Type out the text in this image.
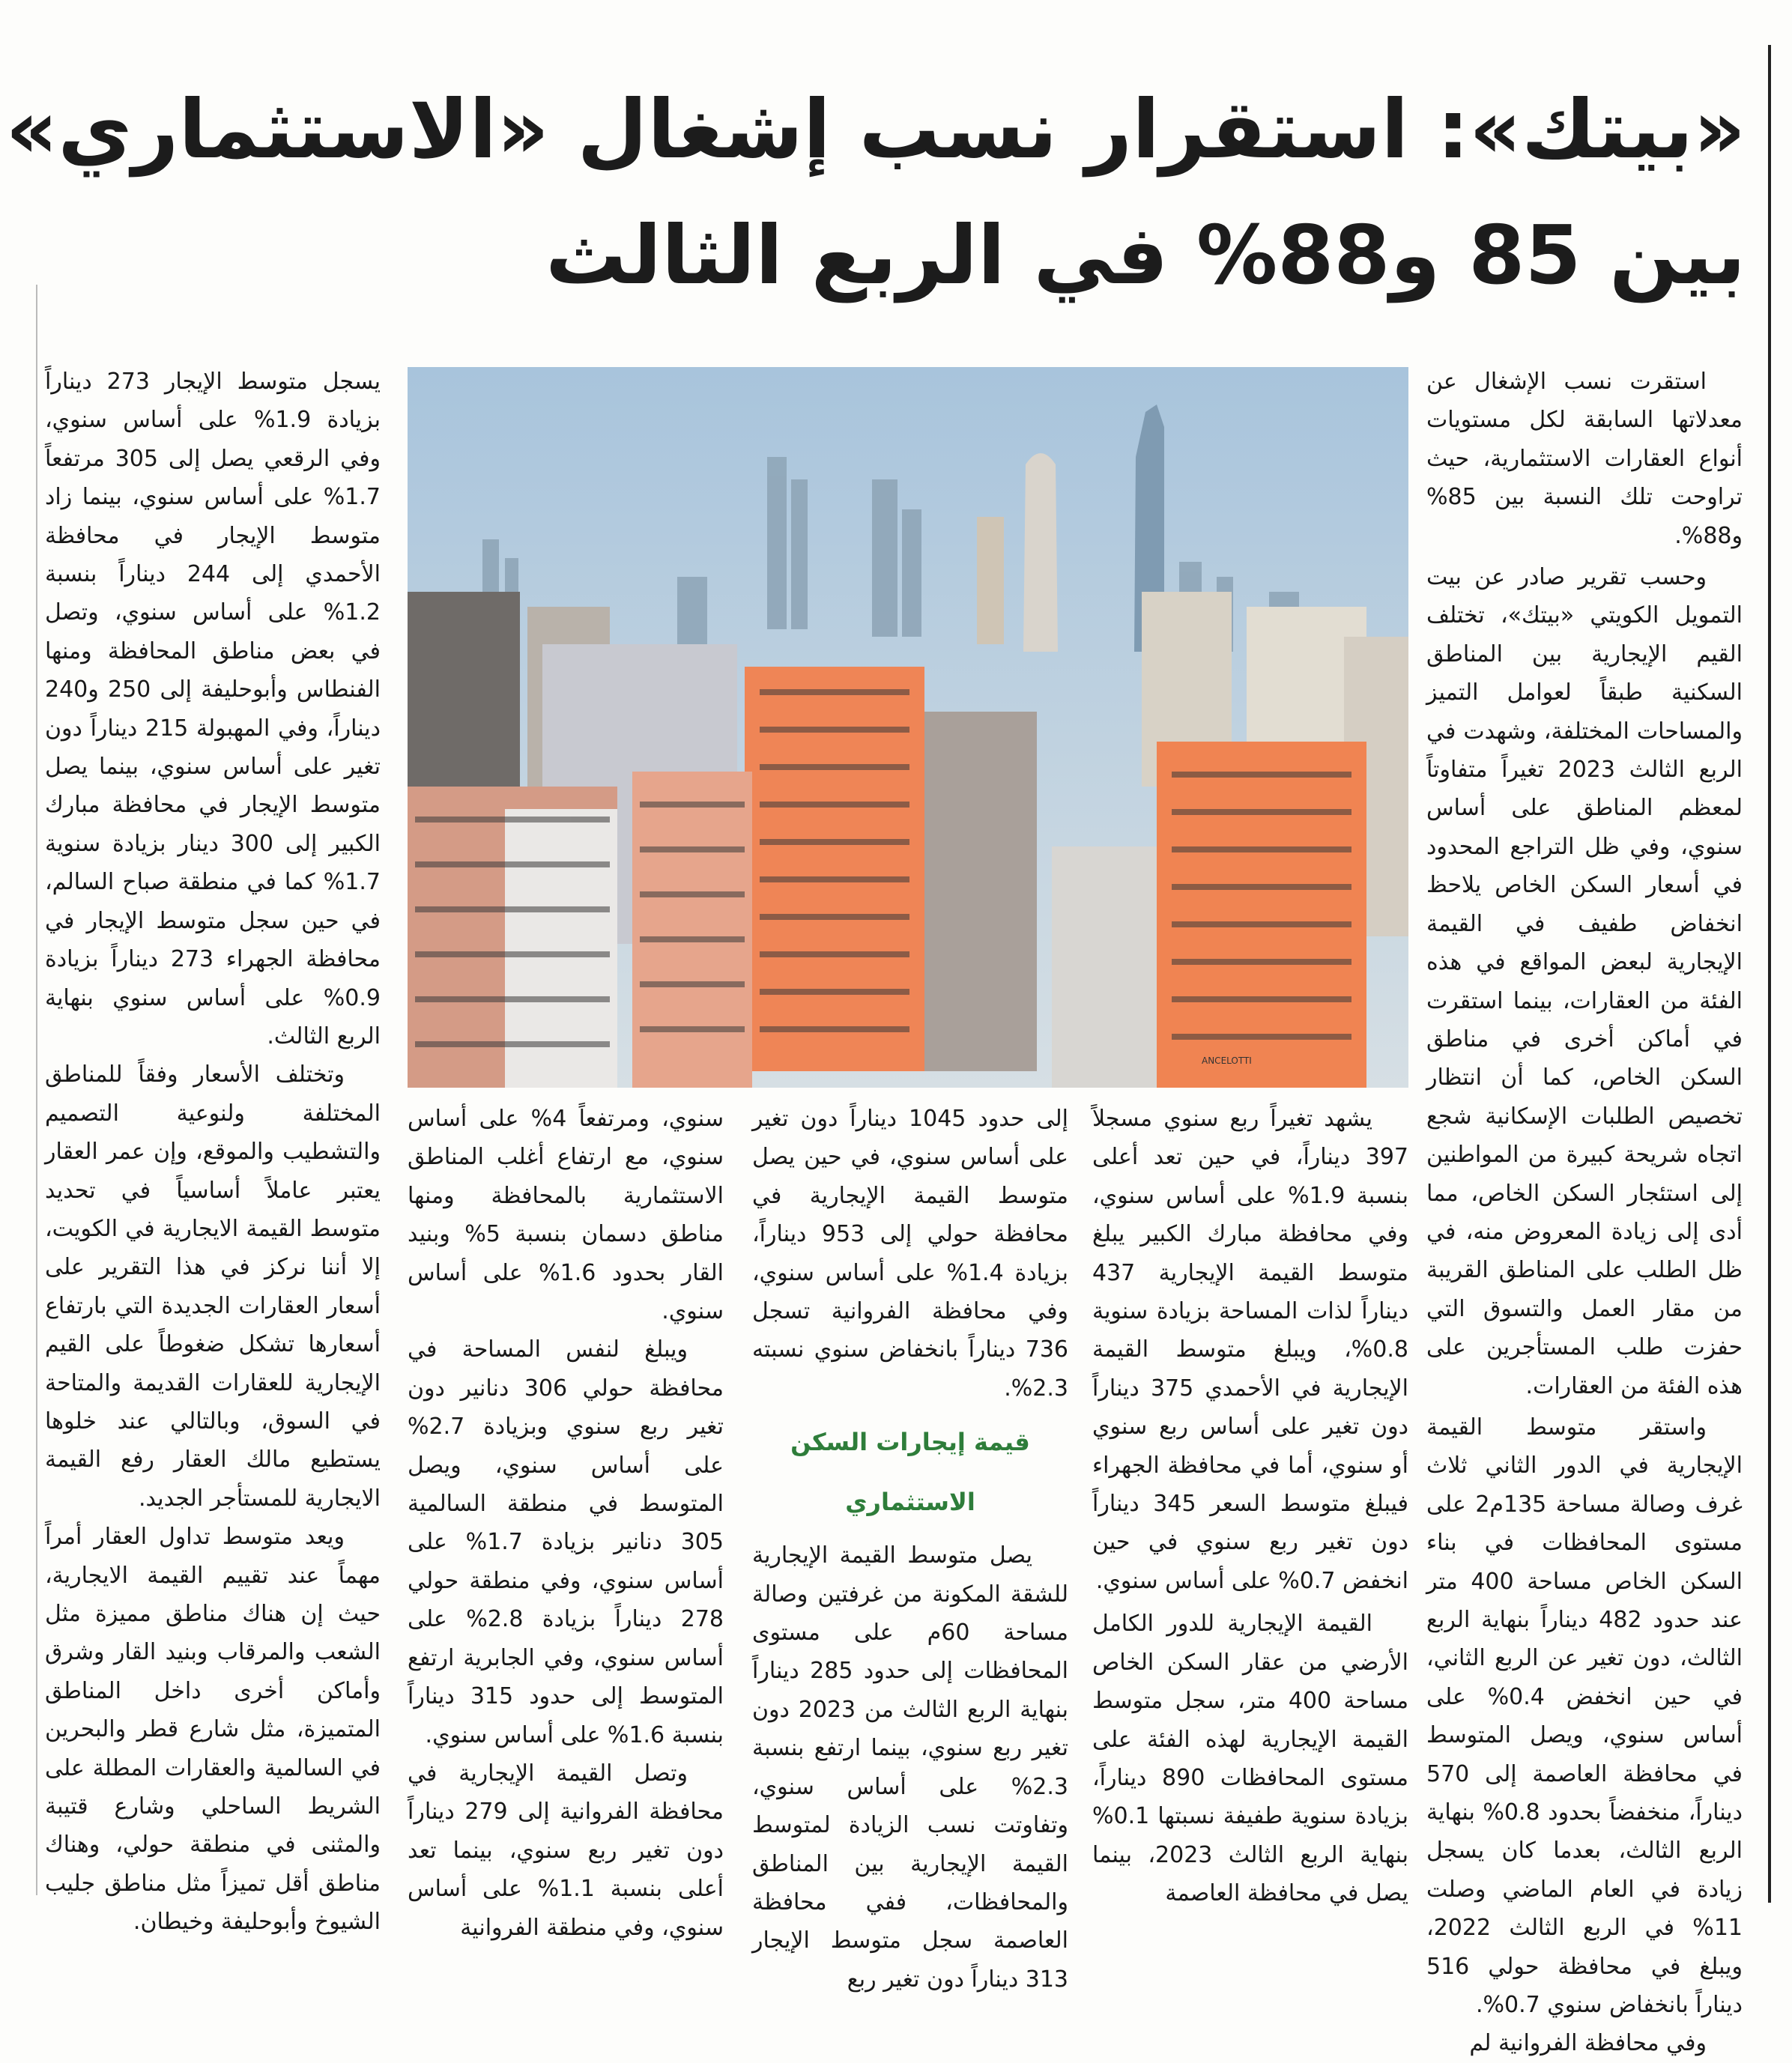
«بيتك»: استقرار نسب إشغال «الاستثماري»
بين 85 و88% في الربع الثالث

استقرت نسب الإشغال عن معدلاتها السابقة لكل مستويات أنواع العقارات الاستثمارية، حيث تراوحت تلك النسبة بين 85% و88%.

وحسب تقرير صادر عن بيت التمويل الكويتي «بيتك»، تختلف القيم الإيجارية بين المناطق السكنية طبقاً لعوامل التميز والمساحات المختلفة، وشهدت في الربع الثالث 2023 تغيراً متفاوتاً لمعظم المناطق على أساس سنوي، وفي ظل التراجع المحدود في أسعار السكن الخاص يلاحظ انخفاض طفيف في القيمة الإيجارية لبعض المواقع في هذه الفئة من العقارات، بينما استقرت في أماكن أخرى في مناطق السكن الخاص، كما أن انتظار تخصيص الطلبات الإسكانية شجع اتجاه شريحة كبيرة من المواطنين إلى استئجار السكن الخاص، مما أدى إلى زيادة المعروض منه، في ظل الطلب على المناطق القريبة من مقار العمل والتسوق التي حفزت طلب المستأجرين على هذه الفئة من العقارات.

واستقر متوسط القيمة الإيجارية في الدور الثاني ثلاث غرف وصالة مساحة 135م2 على مستوى المحافظات في بناء السكن الخاص مساحة 400 متر عند حدود 482 ديناراً بنهاية الربع الثالث، دون تغير عن الربع الثاني، في حين انخفض 0.4% على أساس سنوي، ويصل المتوسط في محافظة العاصمة إلى 570 ديناراً، منخفضاً بحدود 0.8% بنهاية الربع الثالث، بعدما كان يسجل زيادة في العام الماضي وصلت 11% في الربع الثالث 2022، ويبلغ في محافظة حولي 516 ديناراً بانخفاض سنوي 0.7%.

وفي محافظة الفروانية لم

ANCELOTTI

يشهد تغيراً ربع سنوي مسجلاً 397 ديناراً، في حين تعد أعلى بنسبة 1.9% على أساس سنوي، وفي محافظة مبارك الكبير يبلغ متوسط القيمة الإيجارية 437 ديناراً لذات المساحة بزيادة سنوية 0.8%، ويبلغ متوسط القيمة الإيجارية في الأحمدي 375 ديناراً دون تغير على أساس ربع سنوي أو سنوي، أما في محافظة الجهراء فيبلغ متوسط السعر 345 ديناراً دون تغير ربع سنوي في حين انخفض 0.7% على أساس سنوي.

القيمة الإيجارية للدور الكامل الأرضي من عقار السكن الخاص مساحة 400 متر، سجل متوسط القيمة الإيجارية لهذه الفئة على مستوى المحافظات 890 ديناراً، بزيادة سنوية طفيفة نسبتها 0.1% بنهاية الربع الثالث 2023، بينما يصل في محافظة العاصمة

إلى حدود 1045 ديناراً دون تغير على أساس سنوي، في حين يصل متوسط القيمة الإيجارية في محافظة حولي إلى 953 ديناراً، بزيادة 1.4% على أساس سنوي، وفي محافظة الفروانية تسجل 736 ديناراً بانخفاض سنوي نسبته 2.3%.

قيمة إيجارات السكن الاستثماري

يصل متوسط القيمة الإيجارية للشقة المكونة من غرفتين وصالة مساحة 60م على مستوى المحافظات إلى حدود 285 ديناراً بنهاية الربع الثالث من 2023 دون تغير ربع سنوي، بينما ارتفع بنسبة 2.3% على أساس سنوي، وتفاوتت نسب الزيادة لمتوسط القيمة الإيجارية بين المناطق والمحافظات، ففي محافظة العاصمة سجل متوسط الإيجار 313 ديناراً دون تغير ربع

سنوي، ومرتفعاً 4% على أساس سنوي، مع ارتفاع أغلب المناطق الاستثمارية بالمحافظة ومنها مناطق دسمان بنسبة 5% وبنيد القار بحدود 1.6% على أساس سنوي.

ويبلغ لنفس المساحة في محافظة حولي 306 دنانير دون تغير ربع سنوي وبزيادة 2.7% على أساس سنوي، ويصل المتوسط في منطقة السالمية 305 دنانير بزيادة 1.7% على أساس سنوي، وفي منطقة حولي 278 ديناراً بزيادة 2.8% على أساس سنوي، وفي الجابرية ارتفع المتوسط إلى حدود 315 ديناراً بنسبة 1.6% على أساس سنوي.

وتصل القيمة الإيجارية في محافظة الفروانية إلى 279 ديناراً دون تغير ربع سنوي، بينما تعد أعلى بنسبة 1.1% على أساس سنوي، وفي منطقة الفروانية

يسجل متوسط الإيجار 273 ديناراً بزيادة 1.9% على أساس سنوي، وفي الرقعي يصل إلى 305 مرتفعاً 1.7% على أساس سنوي، بينما زاد متوسط الإيجار في محافظة الأحمدي إلى 244 ديناراً بنسبة 1.2% على أساس سنوي، وتصل في بعض مناطق المحافظة ومنها الفنطاس وأبوحليفة إلى 250 و240 ديناراً، وفي المهبولة 215 ديناراً دون تغير على أساس سنوي، بينما يصل متوسط الإيجار في محافظة مبارك الكبير إلى 300 دينار بزيادة سنوية 1.7% كما في منطقة صباح السالم، في حين سجل متوسط الإيجار في محافظة الجهراء 273 ديناراً بزيادة 0.9% على أساس سنوي بنهاية الربع الثالث.

وتختلف الأسعار وفقاً للمناطق المختلفة ولنوعية التصميم والتشطيب والموقع، وإن عمر العقار يعتبر عاملاً أساسياً في تحديد متوسط القيمة الايجارية في الكويت، إلا أننا نركز في هذا التقرير على أسعار العقارات الجديدة التي بارتفاع أسعارها تشكل ضغوطاً على القيم الإيجارية للعقارات القديمة والمتاحة في السوق، وبالتالي عند خلوها يستطيع مالك العقار رفع القيمة الايجارية للمستأجر الجديد.

ويعد متوسط تداول العقار أمراً مهماً عند تقييم القيمة الايجارية، حيث إن هناك مناطق مميزة مثل الشعب والمرقاب وبنيد القار وشرق وأماكن أخرى داخل المناطق المتميزة، مثل شارع قطر والبحرين في السالمية والعقارات المطلة على الشريط الساحلي وشارع قتيبة والمثنى في منطقة حولي، وهناك مناطق أقل تميزاً مثل مناطق جليب الشيوخ وأبوحليفة وخيطان.
